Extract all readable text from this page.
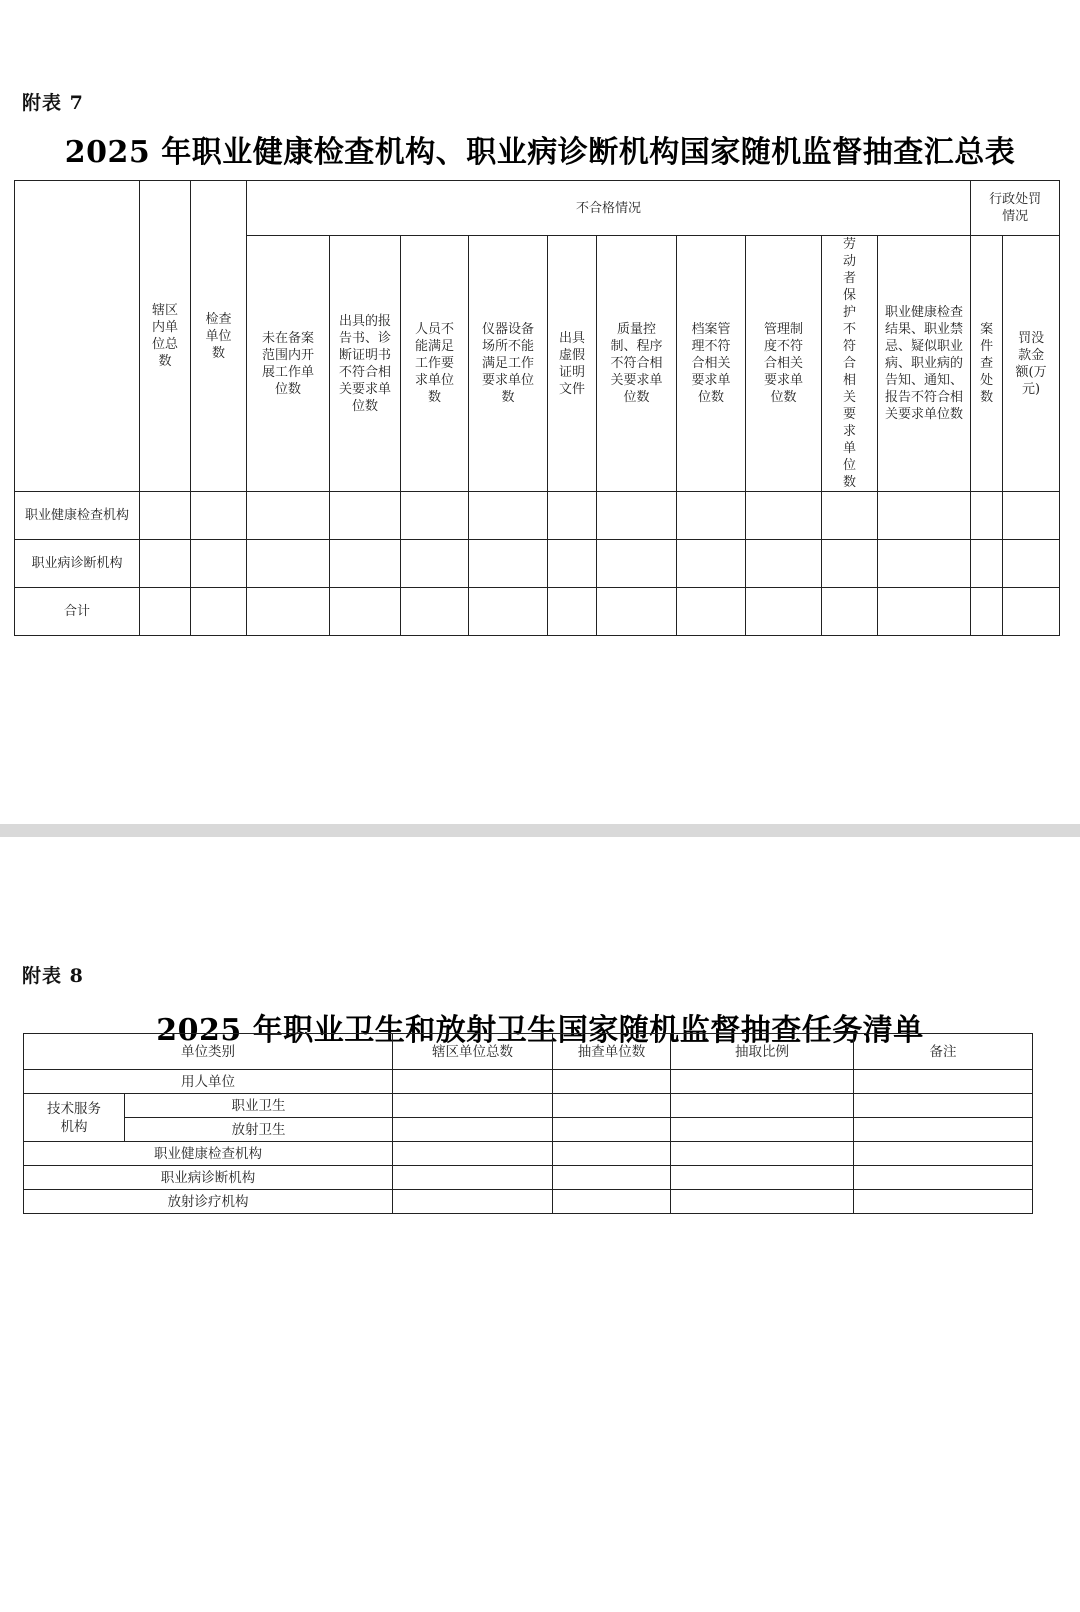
附表 7
2025 年职业健康检查机构、职业病诊断机构国家随机监督抽查汇总表
	辖区内单位总数	检查单位数	不合格情况										行政处罚情况	
			未在备案范围内开展工作单位数	出具的报告书、诊断证明书不符合相关要求单位数	人员不能满足工作要求单位数	仪器设备场所不能满足工作要求单位数	出具虚假证明文件	质量控制、程序不符合相关要求单位数	档案管理不符合相关要求单位数	管理制度不符合相关要求单位数	劳动者保护不符合相关要求单位数	职业健康检查结果、职业禁忌、疑似职业病、职业病的告知、通知、报告不符合相关要求单位数	案件查处数	罚没款金额(万元)
职业健康检查机构														
职业病诊断机构														
合计														
附表 8
2025 年职业卫生和放射卫生国家随机监督抽查任务清单
单位类别		辖区单位总数	抽查单位数	抽取比例	备注
用人单位					
技术服务机构	职业卫生				
	放射卫生				
职业健康检查机构					
职业病诊断机构					
放射诊疗机构					
